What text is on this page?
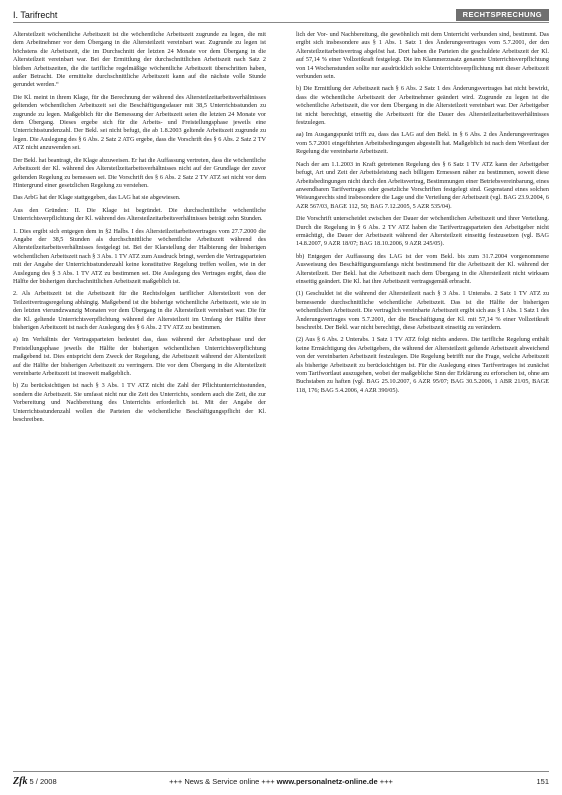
I. Tarifrecht	RECHTSPRECHUNG

Altersteilzeit wöchentliche Arbeitszeit ist die wöchentliche Arbeitszeit zugrunde zu legen, die mit dem Arbeitnehmer vor dem Übergang in die Altersteilzeit vereinbart war. Zugrunde zu legen ist höchstens die Arbeitszeit, die im Durchschnitt der letzten 24 Monate vor dem Übergang in die Altersteilzeit vereinbart war. Bei der Ermittlung der durchschnittlichen Arbeitszeit nach Satz 2 bleiben Arbeitszeiten, die die tarifliche regelmäßige wöchentliche Arbeitszeit überschritten haben, außer Betracht. Die ermittelte durchschnittliche Arbeitszeit kann auf die nächste volle Stunde gerundet werden.“

Die Kl. meint in ihrem Klage, für die Berechnung der während des Altersteilzeitarbeitsverhältnisses geltenden wöchentlichen Arbeitszeit sei die Beschäftigungsdauer mit 38,5 Unterrichtsstunden zu zugrunde zu legen. Maßgeblich für die Bemessung der Arbeitszeit seien die letzten 24 Monate vor dem Übergang. Dieses ergebe sich für die Arbeits- und Freistellungsphase jeweils eine Unterrichtsstundenzahl. Der Bekl. sei nicht befugt, die ab 1.8.2003 geltende Arbeitszeit zugrunde zu legen. Die Auslegung des § 6 Abs. 2 Satz 2 ATG ergebe, dass die Vorschrift des § 6 Abs. 2 Satz 2 TV ATZ nicht anzuwenden sei.

Der Bekl. hat beantragt, die Klage abzuweisen. Er hat die Auffassung vertreten, dass die wöchentliche Arbeitszeit der Kl. während des Altersteilzeitarbeitsverhältnisses nicht auf der Grundlage der zuvor geltenden Regelung zu bemessen sei. Die Vorschrift des § 6 Abs. 2 Satz 2 TV ATZ sei nicht vor dem Hintergrund einer gesetzlichen Regelung zu verstehen.

Das ArbG hat der Klage stattgegeben, das LAG hat sie abgewiesen.

Aus den Gründen: II. Die Klage ist begründet. Die durchschnittliche wöchentliche Unterrichtsverpflichtung der Kl. während des Altersteilzeitarbeitsverhältnisses beträgt zehn Stunden.

1. Dies ergibt sich entgegen dem in §2 Halbs. I des Altersteilzeitarbeitsvertrages vom 27.7.2000 die Angabe der 38,5 Stunden als durchschnittliche wöchentliche Arbeitszeit während des Altersteilzeitarbeitsverhältnisses festgelegt ist. Bei der Klarstellung der Halbierung der bisherigen wöchentlichen Arbeitszeit nach § 3 Abs. 1 TV ATZ zum Ausdruck bringt, werden die Vertragsparteien mit der Angabe der Unterrichtsstundenzahl keine konstitutive Regelung treffen wollen, wie in der Auslegung des § 3 Abs. 1 TV ATZ zu bestimmen sei. Die Auslegung des Vertrages ergibt, dass die Hälfte der bisherigen durchschnittlichen Arbeitszeit maßgeblich ist.

2. Als Arbeitszeit ist die Arbeitszeit für die Rechtsfolgen tariflicher Altersteilzeit von der Teilzeitvertragsregelung abhängig. Maßgebend ist die bisherige wöchentliche Arbeitszeit, wie sie in den letzten vierundzwanzig Monaten vor dem Übergang in die Altersteilzeit vereinbart war. Die für die Kl. geltende Unterrichtsverpflichtung während der Altersteilzeit im Umfang der Hälfte ihrer bisherigen Arbeitszeit ist nach der Auslegung des § 6 Abs. 2 TV ATZ zu bestimmen.

a) Im Verhältnis der Vertragsparteien bedeutet das, dass während der Arbeitsphase und der Freistellungsphase jeweils die Hälfte der bisherigen wöchentlichen Unterrichtsverpflichtung maßgebend ist. Dies entspricht dem Zweck der Regelung, die Arbeitszeit während der Altersteilzeit auf die Hälfte der bisherigen Arbeitszeit zu verringern. Die vor dem Übergang in die Altersteilzeit vereinbarte Arbeitszeit ist insoweit maßgeblich.

b) Zu berücksichtigen ist nach § 3 Abs. 1 TV ATZ nicht die Zahl der Pflichtunterrichtsstunden, sondern die Arbeitszeit. Sie umfasst nicht nur die Zeit des Unterrichts, sondern auch die Zeit, die zur Vorbereitung und Nachbereitung des Unterrichts erforderlich ist. Mit der Angabe der Unterrichtsstundenzahl wollen die Parteien die wöchentliche Beschäftigungspflicht der Kl. beschreiben.

lich der Vor- und Nachbereitung, die gewöhnlich mit dem Unterricht verbunden sind, bestimmt. Das ergibt sich insbesondere aus § 1 Abs. 1 Satz 1 des Änderungsvertrages vom 5.7.2001, der den Altersteilzeitarbeitsvertrag abgelöst hat. Dort haben die Parteien die geschuldete Arbeitszeit der Kl. auf 57,14 % einer Vollzeitkraft festgelegt. Die im Klammerzusatz genannte Unterrichtsverpflichtung von 14 Wochenstunden sollte nur ausdrücklich solche Unterrichtsverpflichtung mit dieser Arbeitszeit verbunden sein.

b) Die Ermittlung der Arbeitszeit nach § 6 Abs. 2 Satz 1 des Änderungsvertrages hat nicht bewirkt, dass die wöchentliche Arbeitszeit der Arbeitnehmer geändert wird. Zugrunde zu legen ist die wöchentliche Arbeitszeit, die vor dem Übergang in die Altersteilzeit vereinbart war. Der Arbeitgeber ist nicht berechtigt, einseitig die Arbeitszeit für die Dauer des Altersteilzeitarbeitsverhältnisses festzulegen.

aa) Im Ausgangspunkt trifft zu, dass das LAG auf den Bekl. in § 6 Abs. 2 des Änderungsvertrages vom 5.7.2001 eingeführten Arbeitsbedingungen abgestellt hat. Maßgeblich ist nach dem Wortlaut der Regelung die vereinbarte Arbeitszeit.

Nach der am 1.1.2003 in Kraft getretenen Regelung des § 6 Satz 1 TV ATZ kann der Arbeitgeber befugt, Art und Zeit der Arbeitsleistung nach billigem Ermessen näher zu bestimmen, soweit diese Arbeitsbedingungen nicht durch den Arbeitsvertrag, Bestimmungen einer Betriebsvereinbarung, eines anwendbaren Tarifvertrages oder gesetzliche Vorschriften festgelegt sind. Gegenstand eines solchen Weisungsrechts sind insbesondere die Lage und die Verteilung der Arbeitszeit (vgl. BAG 23.9.2004, 6 AZR 567/03, BAGE 112, 50; BAG 7.12.2005, 5 AZR 535/04).

Die Vorschrift unterscheidet zwischen der Dauer der wöchentlichen Arbeitszeit und ihrer Verteilung. Durch die Regelung in § 6 Abs. 2 TV ATZ haben die Tarifvertragsparteien den Arbeitgeber nicht ermächtigt, die Dauer der Arbeitszeit während der Altersteilzeit einseitig festzusetzen (vgl. BAG 14.8.2007, 9 AZR 18/07; BAG 18.10.2006, 9 AZR 245/05).

bb) Entgegen der Auffassung des LAG ist der vom Bekl. bis zum 31.7.2004 vorgenommene Ausweisung des Beschäftigungsumfangs nicht bestimmend für die Arbeitszeit der Kl. während der Altersteilzeit. Der Bekl. hat die Arbeitszeit nach dem Übergang in die Altersteilzeit nicht wirksam einseitig geändert. Die Kl. hat ihre Arbeitszeit vertragsgemäß erbracht.

(1) Geschuldet ist die während der Altersteilzeit nach § 3 Abs. 1 Unterabs. 2 Satz 1 TV ATZ zu bemessende durchschnittliche wöchentliche Arbeitszeit. Das ist die Hälfte der bisherigen wöchentlichen Arbeitszeit. Die vertraglich vereinbarte Arbeitszeit ergibt sich aus § 1 Abs. 1 Satz 1 des Änderungsvertrages vom 5.7.2001, der die Beschäftigung der Kl. mit 57,14 % einer Vollzeitkraft beschreibt. Der Bekl. war nicht berechtigt, diese Arbeitszeit einseitig zu verändern.

(2) Aus § 6 Abs. 2 Unterabs. 1 Satz 1 TV ATZ folgt nichts anderes. Die tarifliche Regelung enthält keine Ermächtigung des Arbeitgebers, die während der Altersteilzeit geltende Arbeitszeit abweichend von der vereinbarten Arbeitszeit festzulegen. Die Regelung betrifft nur die Frage, welche Arbeitszeit als bisherige Arbeitszeit zu berücksichtigen ist. Für die Auslegung eines Tarifvertrages ist zunächst vom Tarifwortlaut auszugehen, wobei der maßgebliche Sinn der Erklärung zu erforschen ist, ohne am Buchstaben zu haften (vgl. BAG 25.10.2007, 6 AZR 95/07; BAG 30.5.2006, 1 ABR 21/05, BAGE 118, 176; BAG 5.4.2006, 4 AZR 390/05).

Zfk 5 / 2008	+++ News & Service online +++ www.personalnetz-online.de +++	151
